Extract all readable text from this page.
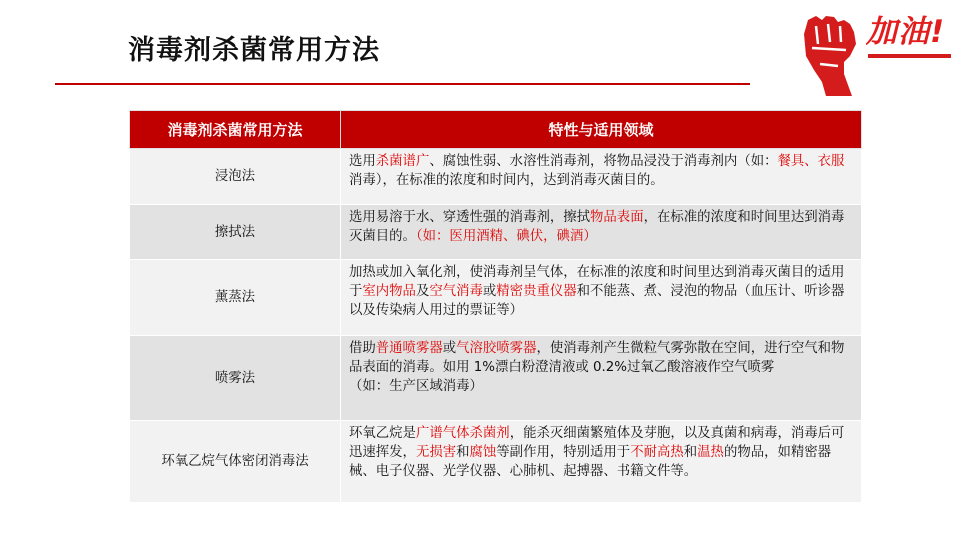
消毒剂杀菌常用方法
加油!
消毒剂杀菌常用方法	特性与适用领域
浸泡法	选用杀菌谱广、腐蚀性弱、水溶性消毒剂，将物品浸没于消毒剂内（如：餐具、衣服消毒），在标准的浓度和时间内，达到消毒灭菌目的。
擦拭法	选用易溶于水、穿透性强的消毒剂，擦拭物品表面，在标准的浓度和时间里达到消毒灭菌目的。（如：医用酒精、碘伏，碘酒）
薰蒸法	加热或加入氧化剂，使消毒剂呈气体，在标准的浓度和时间里达到消毒灭菌目的适用于室内物品及空气消毒或精密贵重仪器和不能蒸、煮、浸泡的物品（血压计、听诊器以及传染病人用过的票证等）
喷雾法	借助普通喷雾器或气溶胶喷雾器，使消毒剂产生微粒气雾弥散在空间，进行空气和物品表面的消毒。如用 1%漂白粉澄清液或 0.2%过氧乙酸溶液作空气喷雾
（如：生产区域消毒）
环氧乙烷气体密闭消毒法	环氧乙烷是广谱气体杀菌剂，能杀灭细菌繁殖体及芽胞，以及真菌和病毒，消毒后可迅速挥发，无损害和腐蚀等副作用，特别适用于不耐高热和温热的物品，如精密器械、电子仪器、光学仪器、心肺机、起搏器、书籍文件等。
